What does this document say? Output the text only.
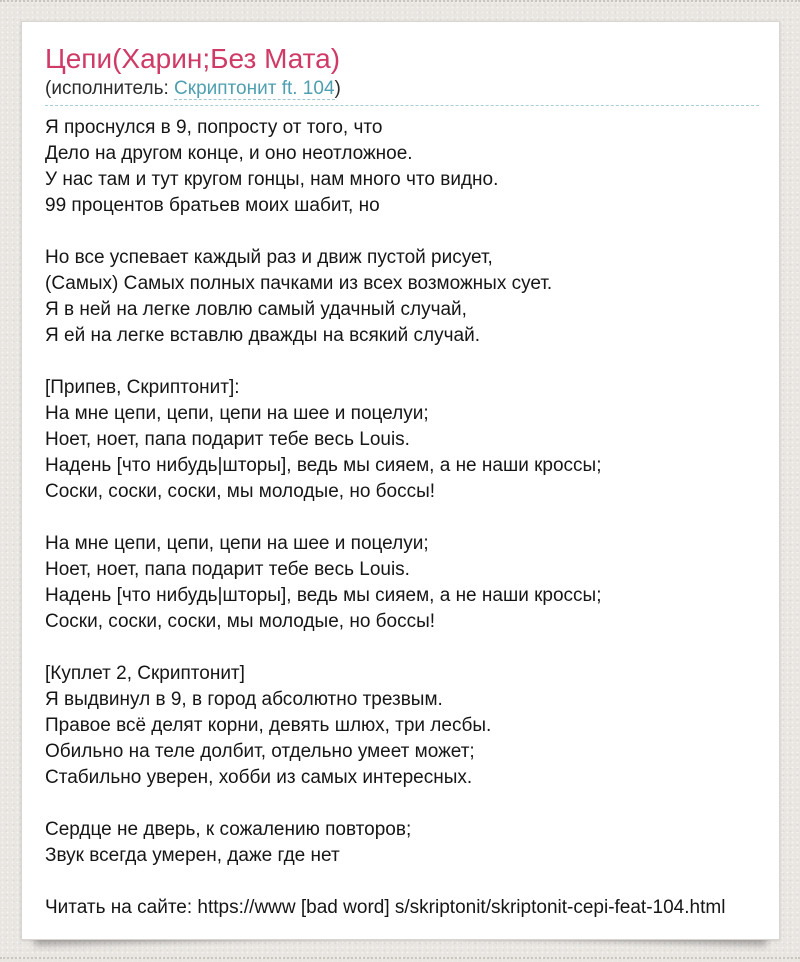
Цепи(Харин;Без Мата)

(исполнитель: Скриптонит ft. 104)

Я проснулся в 9, попросту от того, что
Дело на другом конце, и оно неотложное.
У нас там и тут кругом гонцы, нам много что видно.
99 процентов братьев моих шабит, но

Но все успевает каждый раз и движ пустой рисует,
(Самых) Самых полных пачками из всех возможных сует.
Я в ней на легке ловлю самый удачный случай,
Я ей на легке вставлю дважды на всякий случай.

[Припев, Скриптонит]:
На мне цепи, цепи, цепи на шее и поцелуи;
Ноет, ноет, папа подарит тебе весь Louis.
Надень [что нибудь|шторы], ведь мы сияем, а не наши кроссы;
Соски, соски, соски, мы молодые, но боссы!

На мне цепи, цепи, цепи на шее и поцелуи;
Ноет, ноет, папа подарит тебе весь Louis.
Надень [что нибудь|шторы], ведь мы сияем, а не наши кроссы;
Соски, соски, соски, мы молодые, но боссы!

[Куплет 2, Скриптонит]
Я выдвинул в 9, в город абсолютно трезвым.
Правое всё делят корни, девять шлюх, три лесбы.
Обильно на теле долбит, отдельно умеет может;
Стабильно уверен, хобби из самых интересных.

Сердце не дверь, к сожалению повторов;
Звук всегда умерен, даже где нет

Читать на сайте: https://www [bad word] s/skriptonit/skriptonit-cepi-feat-104.html
